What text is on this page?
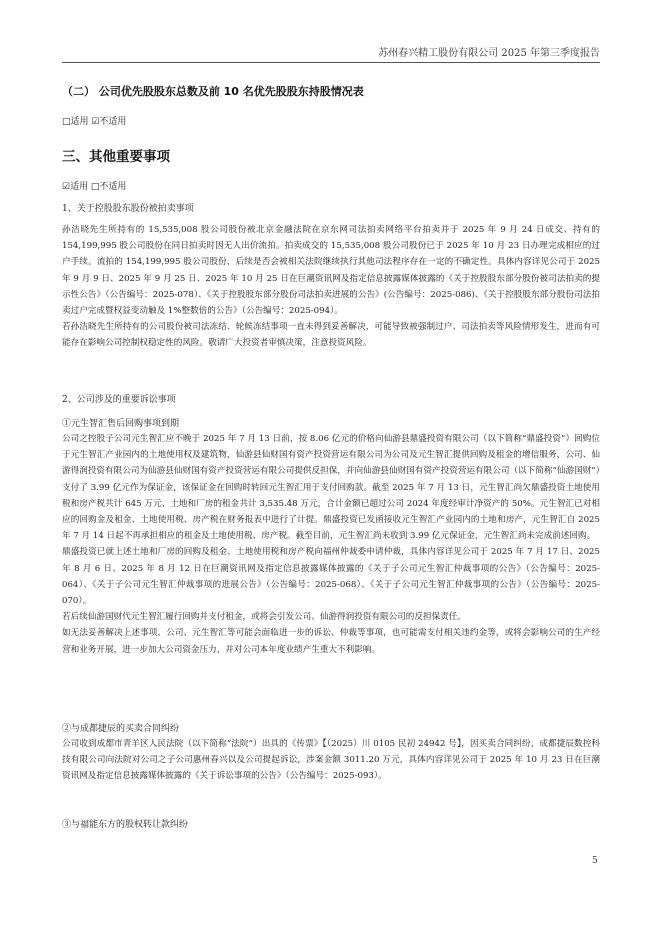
苏州春兴精工股份有限公司 2025 年第三季度报告
（二） 公司优先股股东总数及前 10 名优先股股东持股情况表
□适用 ☑不适用
三、其他重要事项
☑适用 □不适用
1、关于控股股东股份被拍卖事项

孙洁晓先生所持有的 15,535,008 股公司股份被北京金融法院在京东网司法拍卖网络平台拍卖并于 2025 年 9 月 24 日成交、持有的 154,199,995 股公司股份在同日拍卖时因无人出价流拍。拍卖成交的 15,535,008 股公司股份已于 2025 年 10 月 23 日办理完成相应的过户手续。流拍的 154,199,995 股公司股份，后续是否会被相关法院继续执行其他司法程序存在一定的不确定性。具体内容详见公司于 2025 年 9 月 9 日、2025 年 9 月 25 日、2025 年 10 月 25 日在巨潮资讯网及指定信息披露媒体披露的《关于控股股东部分股份被司法拍卖的提示性公告》（公告编号：2025-078）、《关于控股股东部分股份司法拍卖进展的公告》(公告编号：2025-086)、《关于控股股东部分股份司法拍卖过户完成暨权益变动触及 1%整数倍的公告》（公告编号：2025-094）。

若孙洁晓先生所持有的公司股份被司法冻结、轮候冻结事项一直未得到妥善解决，可能导致被强制过户、司法拍卖等风险情形发生，进而有可能存在影响公司控制权稳定性的风险。敬请广大投资者审慎决策，注意投资风险。

2、公司涉及的重要诉讼事项
①元生智汇售后回购事项到期

公司之控股子公司元生智汇应不晚于 2025 年 7 月 13 日前，按 8.06 亿元的价格向仙游县鼎盛投资有限公司（以下简称“鼎盛投资”）回购位于元生智汇产业园内的土地使用权及建筑物，仙游县仙财国有资产投资营运有限公司为公司及元生智汇提供回购及租金的增信服务，公司、仙游得润投资有限公司为仙游县仙财国有资产投资营运有限公司提供反担保，并向仙游县仙财国有资产投资营运有限公司（以下简称“仙游国财”）支付了 3.99 亿元作为保证金，该保证金在回购时转回元生智汇用于支付回购款。截至 2025 年 7 月 13 日，元生智汇尚欠鼎盛投资土地使用税和房产税共计 645 万元、土地和厂房的租金共计 3,535.48 万元，合计金额已超过公司 2024 年度经审计净资产的 50%。元生智汇已对相应的回购金及租金、土地使用税、房产税在财务报表中进行了计提。鼎盛投资已发函接收元生智汇产业园内的土地和房产，元生智汇自 2025 年 7 月 14 日起不再承担相应的租金及土地使用税、房产税。截至目前，元生智汇尚未收到 3.99 亿元保证金，元生智汇尚未完成前述回购。

鼎盛投资已就上述土地和厂房的回购及租金、土地使用税和房产税向福州仲裁委申请仲裁，具体内容详见公司于 2025 年 7 月 17 日、2025 年 8 月 6 日、2025 年 8 月 12 日在巨潮资讯网及指定信息披露媒体披露的《关于子公司元生智汇仲裁事项的公告》（公告编号：2025-064）、《关于子公司元生智汇仲裁事项的进展公告》（公告编号：2025-068）、《关于子公司元生智汇仲裁事项的公告》（公告编号：2025-070）。

若后续仙游国财代元生智汇履行回购并支付租金，或将会引发公司、仙游得润投资有限公司的反担保责任。

如无法妥善解决上述事项，公司、元生智汇等可能会面临进一步的诉讼、仲裁等事项，也可能需支付相关违约金等，或将会影响公司的生产经营和业务开展，进一步加大公司资金压力，并对公司本年度业绩产生重大不利影响。

②与成都捷辰的买卖合同纠纷
公司收到成都市青羊区人民法院（以下简称“法院”）出具的《传票》【（2025）川 0105 民初 24942 号】，因买卖合同纠纷，成都捷辰数控科技有限公司向法院对公司之子公司惠州春兴以及公司提起诉讼，涉案金额 3011.20 万元，具体内容详见公司于 2025 年 10 月 23 日在巨潮资讯网及指定信息披露媒体披露的《关于诉讼事项的公告》（公告编号：2025-093）。
③与福能东方的股权转让款纠纷
5
